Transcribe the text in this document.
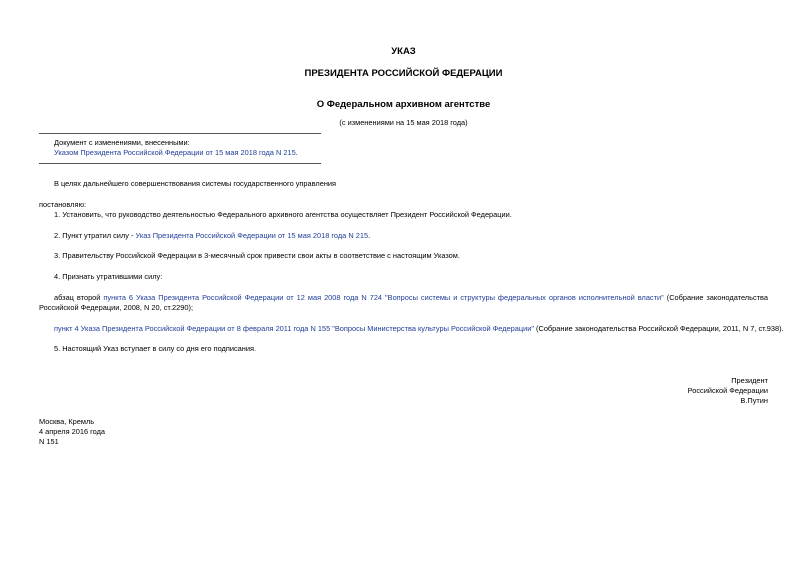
УКАЗ
ПРЕЗИДЕНТА РОССИЙСКОЙ ФЕДЕРАЦИИ
О Федеральном архивном агентстве
(с изменениями на 15 мая 2018 года)
Документ с изменениями, внесенными:
Указом Президента Российской Федерации от 15 мая 2018 года N 215.
В целях дальнейшего совершенствования системы государственного управления
постановляю:
1. Установить, что руководство деятельностью Федерального архивного агентства осуществляет Президент Российской Федерации.
2. Пункт утратил силу - Указ Президента Российской Федерации от 15 мая 2018 года N 215.
3. Правительству Российской Федерации в 3-месячный срок привести свои акты в соответствие с настоящим Указом.
4. Признать утратившими силу:
абзац второй пункта 6 Указа Президента Российской Федерации от 12 мая 2008 года N 724 "Вопросы системы и структуры федеральных органов исполнительной власти" (Собрание законодательства
Российской Федерации, 2008, N 20, ст.2290);
пункт 4 Указа Президента Российской Федерации от 8 февраля 2011 года N 155 "Вопросы Министерства культуры Российской Федерации" (Собрание законодательства Российской Федерации, 2011, N 7, ст.938).
5. Настоящий Указ вступает в силу со дня его подписания.
Президент
Российской Федерации
В.Путин
Москва, Кремль
4 апреля 2016 года
N 151
